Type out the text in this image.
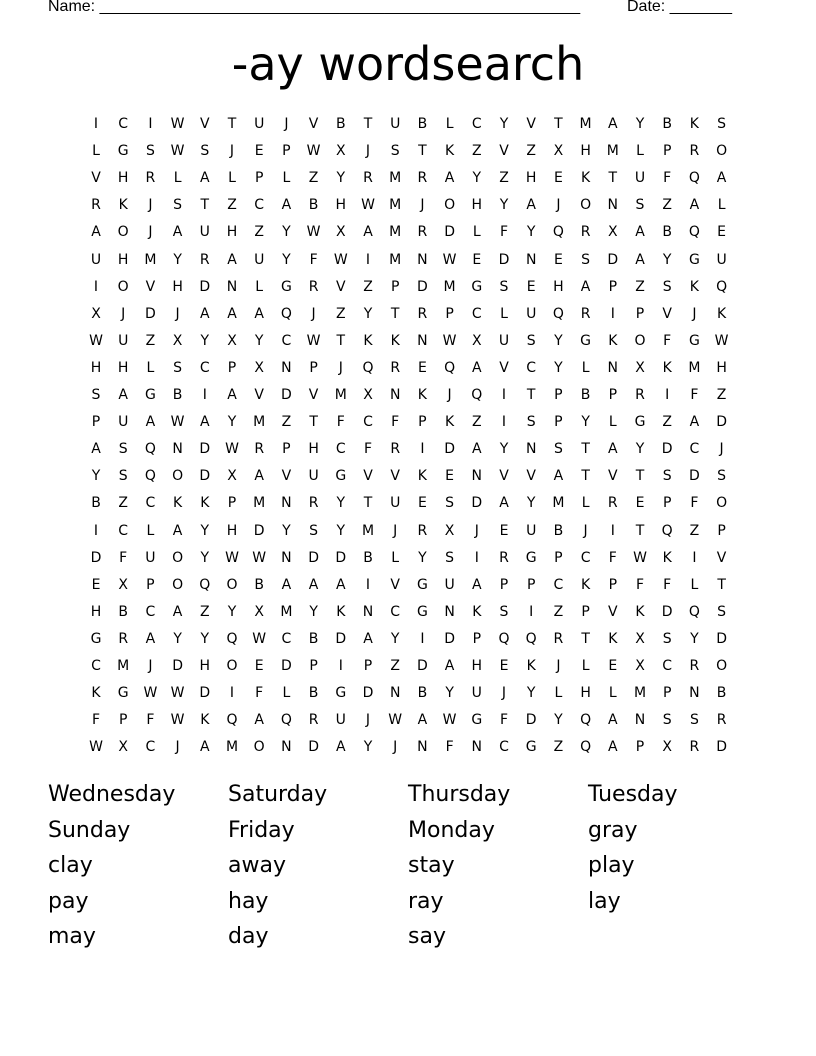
Name: ______________________________________________________	Date: _______
-ay wordsearch
I	C	I	W	V	T	U	J	V	B	T	U	B	L	C	Y	V	T	M	A	Y	B	K	S
L	G	S	W	S	J	E	P	W	X	J	S	T	K	Z	V	Z	X	H	M	L	P	R	O
V	H	R	L	A	L	P	L	Z	Y	R	M	R	A	Y	Z	H	E	K	T	U	F	Q	A
R	K	J	S	T	Z	C	A	B	H	W M	J	O	H	Y	A	J	O	N	S	Z	A	L
A	O	J	A	U	H	Z	Y	W	X	A	M	R	D	L	F	Y	Q	R	X	A	B	Q	E
U	H	M	Y	R	A	U	Y	F	W	I	M	N	W	E	D	N	E	S	D	A	Y	G	U
I	O	V	H	D	N	L	G	R	V	Z	P	D	M	G	S	E	H	A	P	Z	S	K	Q
X	J	D	J	A	A	A	Q	J	Z	Y	T	R	P	C	L	U	Q	R	I	P	V	J	K
W	U	Z	X	Y	X	Y	C	W	T	K	K	N	W	X	U	S	Y	G	K	O	F	G	W
H	H	L	S	C	P	X	N	P	J	Q	R	E	Q	A	V	C	Y	L	N	X	K	M	H
S	A	G	B	I	A	V	D	V	M	X	N	K	J	Q	I	T	P	B	P	R	I	F	Z
P	U	A	W	A	Y	M	Z	T	F	C	F	P	K	Z	I	S	P	Y	L	G	Z	A	D
A	S	Q	N	D	W	R	P	H	C	F	R	I	D	A	Y	N	S	T	A	Y	D	C	J
Y	S	Q	O	D	X	A	V	U	G	V	V	K	E	N	V	V	A	T	V	T	S	D	S
B	Z	C	K	K	P	M	N	R	Y	T	U	E	S	D	A	Y	M	L	R	E	P	F	O
I	C	L	A	Y	H	D	Y	S	Y	M	J	R	X	J	E	U	B	J	I	T	Q	Z	P
D	F	U	O	Y	W W	N	D	D	B	L	Y	S	I	R	G	P	C	F	W	K	I	V
E	X	P	O	Q	O	B	A	A	A	I	V	G	U	A	P	P	C	K	P	F	F	L	T
H	B	C	A	Z	Y	X	M	Y	K	N	C	G	N	K	S	I	Z	P	V	K	D	Q	S
G	R	A	Y	Y	Q	W	C	B	D	A	Y	I	D	P	Q	Q	R	T	K	X	S	Y	D
C	M	J	D	H	O	E	D	P	I	P	Z	D	A	H	E	K	J	L	E	X	C	R	O
K	G	W W	D	I	F	L	B	G	D	N	B	Y	U	J	Y	L	H	L	M	P	N	B
F	P	F	W	K	Q	A	Q	R	U	J	W	A	W	G	F	D	Y	Q	A	N	S	S	R
W	X	C	J	A	M	O	N	D	A	Y	J	N	F	N	C	G	Z	Q	A	P	X	R	D
Wednesday Saturday	Thursday	Tuesday
Sunday	Friday	Monday	gray
clay	away	stay	play
pay	hay	ray	lay
may	day	say
